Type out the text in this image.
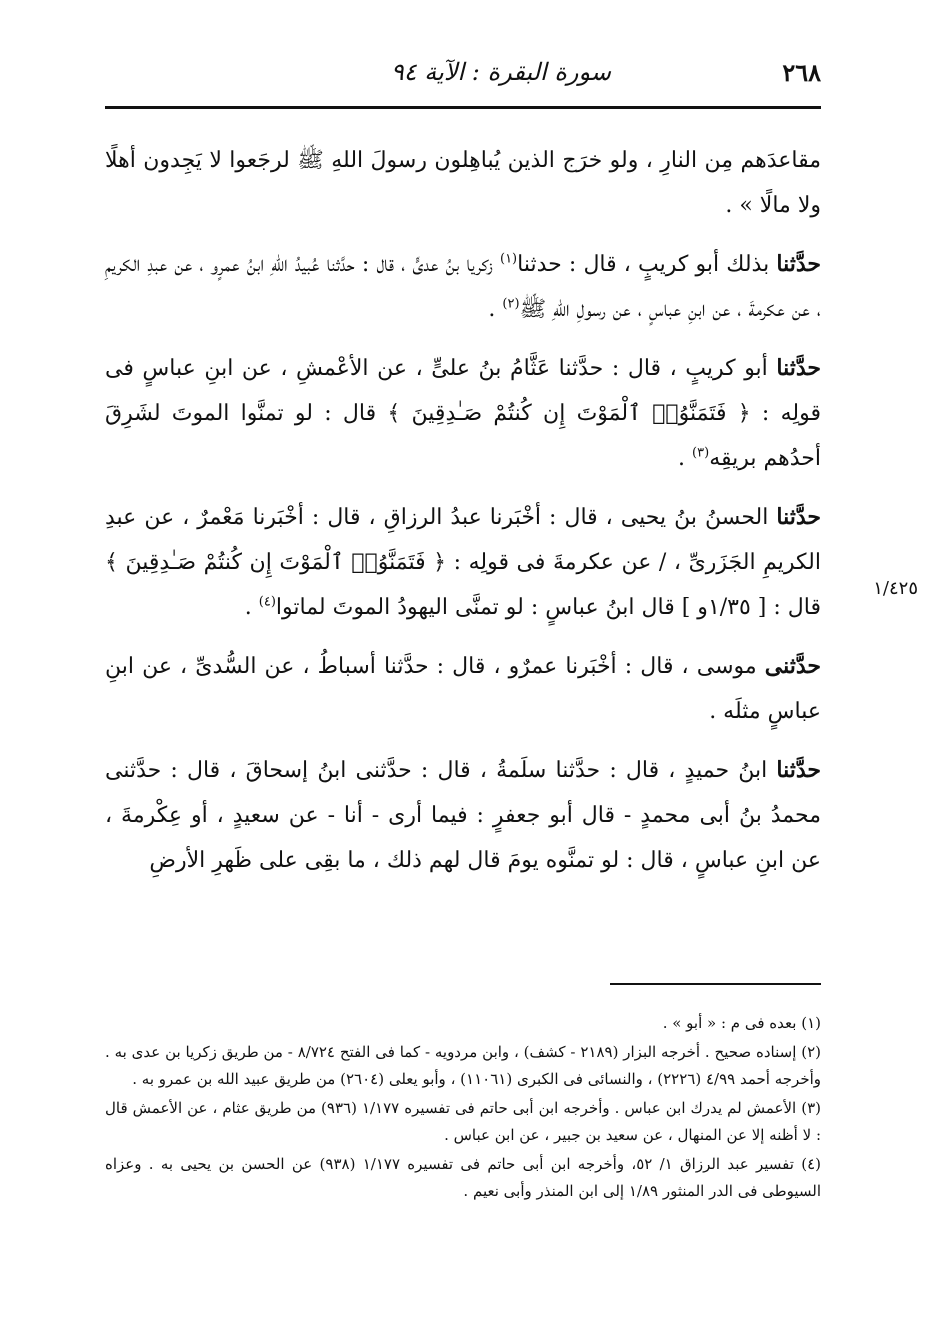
٢٦٨
سورة البقرة : الآية ٩٤
١/٤٢٥

مقاعدَهم مِن النارِ ، ولو خرَج الذين يُباهِلون رسولَ اللهِ ﷺ لرجَعوا لا يَجِدون أهلًا ولا مالًا » .

حدَّثنا بذلك أبو كريبٍ ، قال : حدثنا$^{(١)}$ زكريا بنُ عدىٍّ ، قال : حدَّثنا عُبيدُ اللهِ ابنُ عمرٍو ، عن عبدِ الكريمِ ، عن عكرمةَ ، عن ابنِ عباسٍ ، عن رسولِ اللهِ ﷺ$^{(٢)}$ .

حدَّثنا أبو كريبٍ ، قال : حدَّثنا عَثَّامُ بنُ علىٍّ ، عن الأعْمشِ ، عن ابنِ عباسٍ فى قولِه : ﴿ فَتَمَنَّوُا۟ ٱلْمَوْتَ إِن كُنتُمْ صَـٰدِقِينَ ﴾ قال : لو تمنَّوا الموتَ لشَرِقَ أحدُهم بريقِه$^{(٣)}$ .

حدَّثنا الحسنُ بنُ يحيى ، قال : أخْبَرنا عبدُ الرزاقِ ، قال : أخْبَرنا مَعْمرٌ ، عن عبدِ الكريمِ الجَزَرىِّ ، / عن عكرمةَ فى قولِه : ﴿ فَتَمَنَّوُا۟ ٱلْمَوْتَ إِن كُنتُمْ صَـٰدِقِينَ ﴾ قال : [ ١/٣٥و ] قال ابنُ عباسٍ : لو تمنَّى اليهودُ الموتَ لماتوا$^{(٤)}$ .

حدَّثنى موسى ، قال : أخْبَرنا عمرٌو ، قال : حدَّثنا أسباطُ ، عن السُّدىِّ ، عن ابنِ عباسٍ مثلَه .

حدَّثنا ابنُ حميدٍ ، قال : حدَّثنا سلَمةُ ، قال : حدَّثنى ابنُ إسحاقَ ، قال : حدَّثنى محمدُ بنُ أبى محمدٍ - قال أبو جعفرٍ : فيما أرى - أنا - عن سعيدٍ ، أو عِكْرمةَ ، عن ابنِ عباسٍ ، قال : لو تمنَّوه يومَ قال لهم ذلك ، ما بقِى على ظَهرِ الأرضِ

(١) بعده فى م : « أبو » .

(٢) إسناده صحيح . أخرجه البزار (٢١٨٩ - كشف) ، وابن مردويه - كما فى الفتح ٨/٧٢٤ - من طريق زكريا بن عدى به . وأخرجه أحمد ٤/٩٩ (٢٢٢٦) ، والنسائى فى الكبرى (١١٠٦١) ، وأبو يعلى (٢٦٠٤) من طريق عبيد الله بن عمرو به .

(٣) الأعمش لم يدرك ابن عباس . وأخرجه ابن أبى حاتم فى تفسيره ١/١٧٧ (٩٣٦) من طريق عثام ، عن الأعمش قال : لا أظنه إلا عن المنهال ، عن سعيد بن جبير ، عن ابن عباس .

(٤) تفسير عبد الرزاق ١/ ٥٢، وأخرجه ابن أبى حاتم فى تفسيره ١/١٧٧ (٩٣٨) عن الحسن بن يحيى به . وعزاه السيوطى فى الدر المنثور ١/٨٩ إلى ابن المنذر وأبى نعيم .
